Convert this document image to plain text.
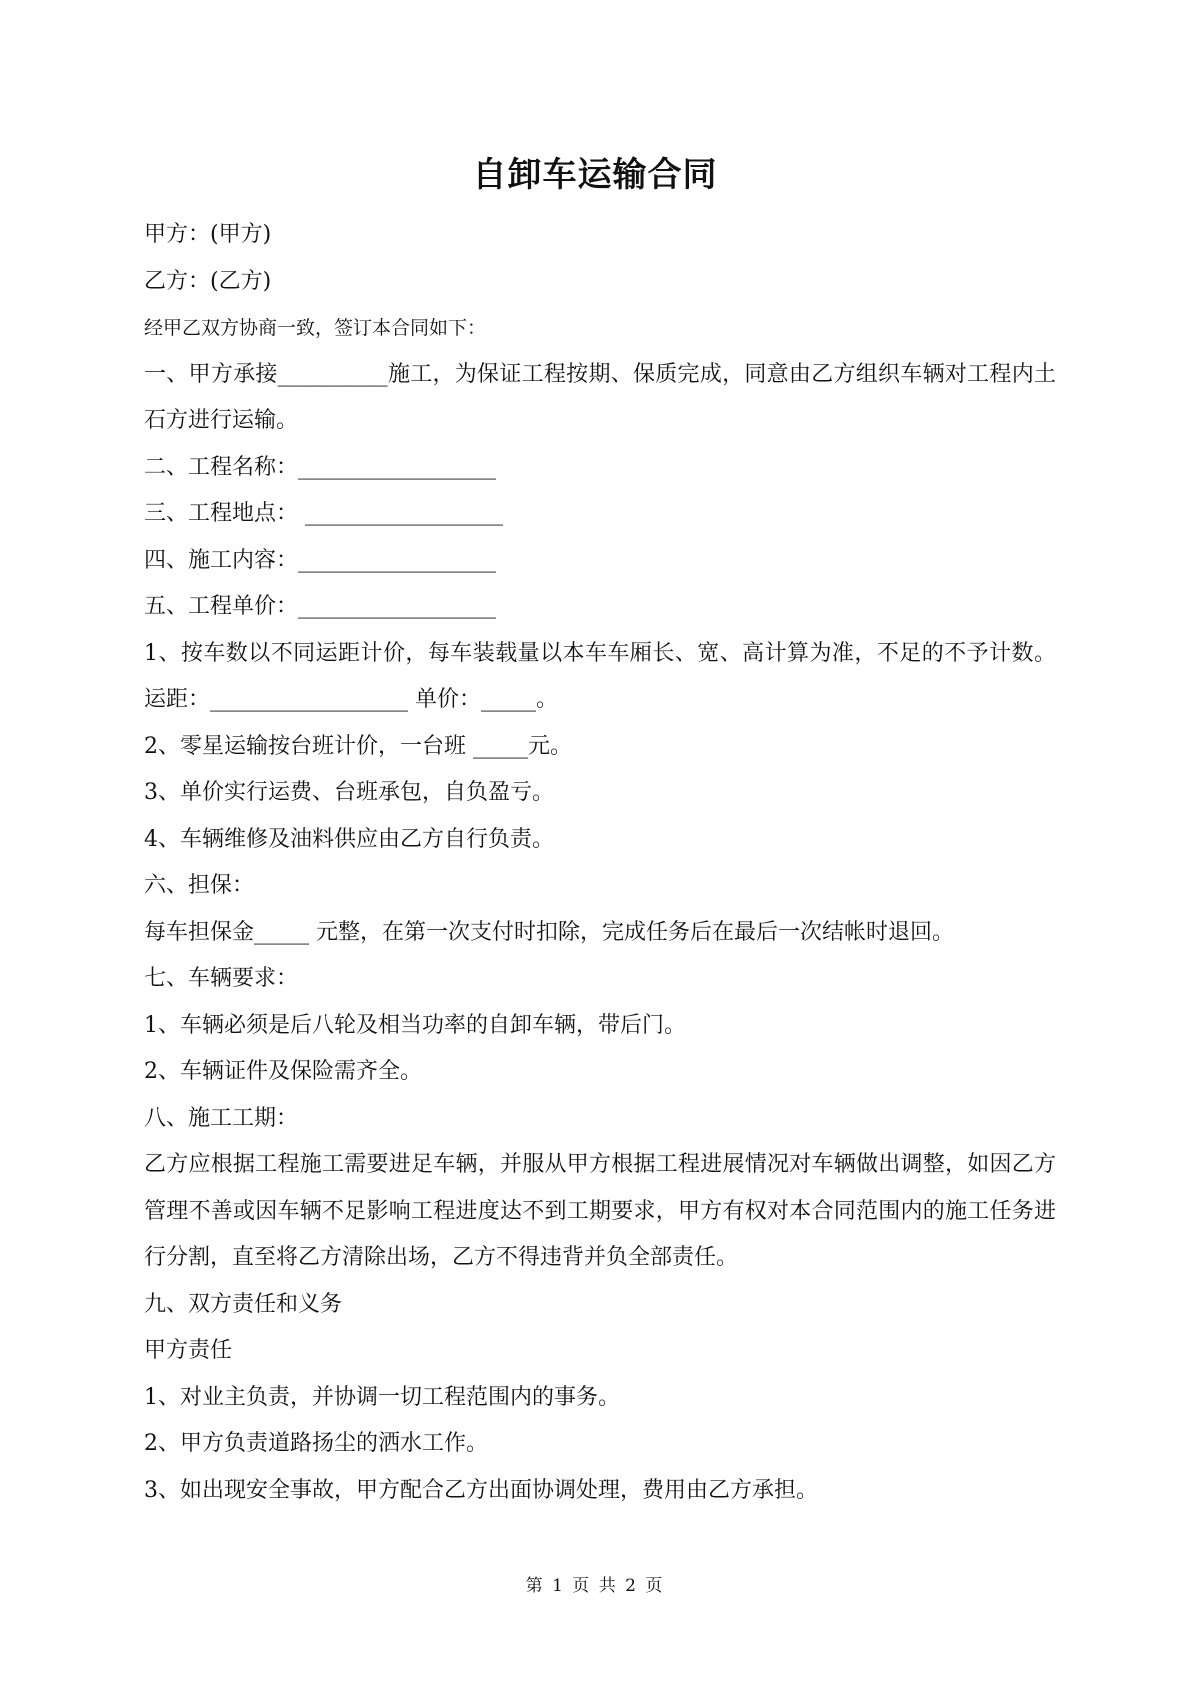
自卸车运输合同
甲方：(甲方)
乙方：(乙方)
经甲乙双方协商一致，签订本合同如下：
一、甲方承接__________施工，为保证工程按期、保质完成，同意由乙方组织车辆对工程内土石方进行运输。
二、工程名称：__________________
三、工程地点： __________________
四、施工内容：__________________
五、工程单价：__________________
1、按车数以不同运距计价，每车装载量以本车车厢长、宽、高计算为准，不足的不予计数。运距：__________________ 单价：_____。
2、零星运输按台班计价，一台班 _____元。
3、单价实行运费、台班承包，自负盈亏。
4、车辆维修及油料供应由乙方自行负责。
六、担保：
每车担保金_____ 元整，在第一次支付时扣除，完成任务后在最后一次结帐时退回。
七、车辆要求：
1、车辆必须是后八轮及相当功率的自卸车辆，带后门。
2、车辆证件及保险需齐全。
八、施工工期：
乙方应根据工程施工需要进足车辆，并服从甲方根据工程进展情况对车辆做出调整，如因乙方管理不善或因车辆不足影响工程进度达不到工期要求，甲方有权对本合同范围内的施工任务进行分割，直至将乙方清除出场，乙方不得违背并负全部责任。
九、双方责任和义务
甲方责任
1、对业主负责，并协调一切工程范围内的事务。
2、甲方负责道路扬尘的洒水工作。
3、如出现安全事故，甲方配合乙方出面协调处理，费用由乙方承担。
第 1 页 共 2 页
